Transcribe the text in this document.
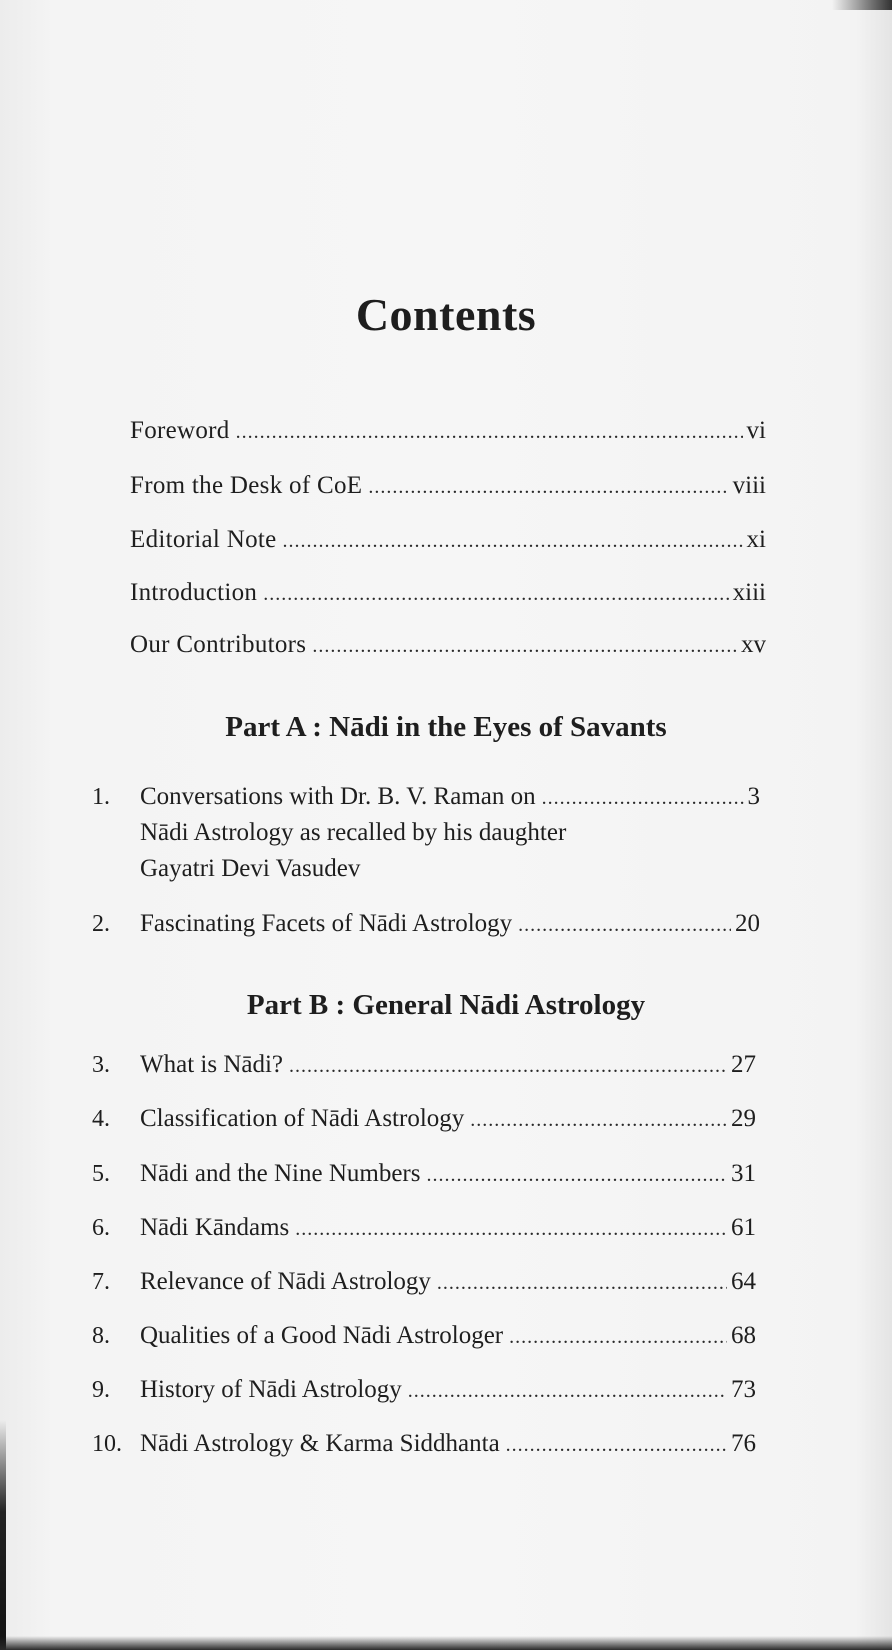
Contents
Foreword .....	vi
From the Desk of CoE .....	viii
Editorial Note .....	xi
Introduction .....	xiii
Our Contributors .....	xv
Part A : Nādi in the Eyes of Savants
1.	Conversations with Dr. B. V. Raman on .....	3
Nādi Astrology as recalled by his daughter
Gayatri Devi Vasudev
2.	Fascinating Facets of Nādi Astrology .....	20
Part B : General Nādi Astrology
3.	What is Nādi? .....	27
4.	Classification of Nādi Astrology .....	29
5.	Nādi and the Nine Numbers .....	31
6.	Nādi Kāndams .....	61
7.	Relevance of Nādi Astrology .....	64
8.	Qualities of a Good Nādi Astrologer .....	68
9.	History of Nādi Astrology .....	73
10. Nādi Astrology & Karma Siddhanta .....	76
